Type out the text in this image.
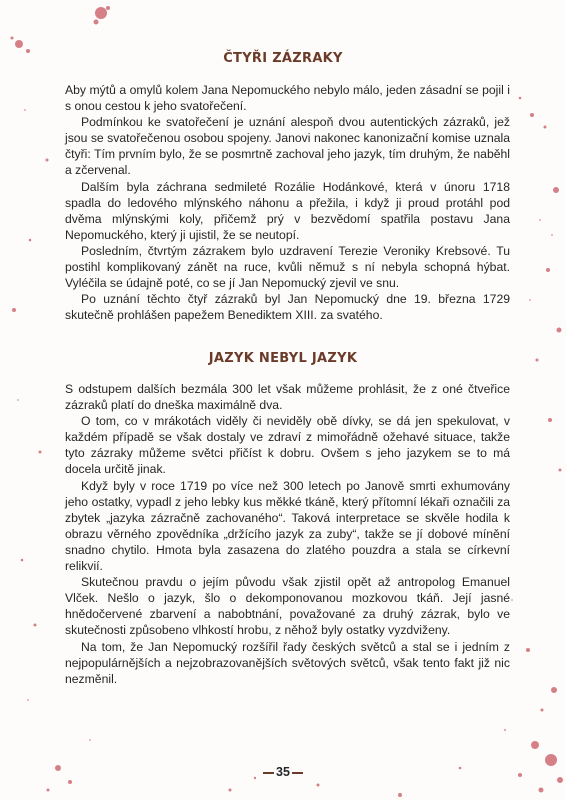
ČTYŘI ZÁZRAKY

Aby mýtů a omylů kolem Jana Nepomuckého nebylo málo, jeden zásadní se pojil i s onou cestou k jeho svatořečení.

Podmínkou ke svatořečení je uznání alespoň dvou autentických zázraků, jež jsou se svatořečenou osobou spojeny. Janovi nakonec kanonizační komise uznala čtyři: Tím prvním bylo, že se posmrtně zachoval jeho jazyk, tím druhým, že naběhl a zčervenal.

Dalším byla záchrana sedmileté Rozálie Hodánkové, která v únoru 1718 spadla do ledového mlýnského náhonu a přežila, i když ji proud protáhl pod dvěma mlýnskými koly, přičemž prý v bezvědomí spatřila postavu Jana Nepomuckého, který ji ujistil, že se neutopí.

Posledním, čtvrtým zázrakem bylo uzdravení Terezie Veroniky Krebsové. Tu postihl komplikovaný zánět na ruce, kvůli němuž s ní nebyla schopná hýbat. Vyléčila se údajně poté, co se jí Jan Nepomucký zjevil ve snu.

Po uznání těchto čtyř zázraků byl Jan Nepomucký dne 19. března 1729 skutečně prohlášen papežem Benediktem XIII. za svatého.

JAZYK NEBYL JAZYK

S odstupem dalších bezmála 300 let však můžeme prohlásit, že z oné čtveřice zázraků platí do dneška maximálně dva.

O tom, co v mrákotách viděly či neviděly obě dívky, se dá jen spekulovat, v každém případě se však dostaly ve zdraví z mimořádně ožehavé situace, takže tyto zázraky můžeme světci přičíst k dobru. Ovšem s jeho jazykem se to má docela určitě jinak.

Když byly v roce 1719 po více než 300 letech po Janově smrti exhumovány jeho ostatky, vypadl z jeho lebky kus měkké tkáně, který přítomní lékaři označili za zbytek „jazyka zázračně zachovaného“. Taková interpretace se skvěle hodila k obrazu věrného zpovědníka „držícího jazyk za zuby“, takže se jí dobové mínění snadno chytilo. Hmota byla zasazena do zlatého pouzdra a stala se církevní relikvií.

Skutečnou pravdu o jejím původu však zjistil opět až antropolog Emanuel Vlček. Nešlo o jazyk, šlo o dekomponovanou mozkovou tkáň. Její jasné hnědočervené zbarvení a nabobtnání, považované za druhý zázrak, bylo ve skutečnosti způsobeno vlhkostí hrobu, z něhož byly ostatky vyzdviženy.

Na tom, že Jan Nepomucký rozšířil řady českých světců a stal se i jedním z nejpopulárnějších a nejzobrazovanějších světových světců, však tento fakt již nic nezměnil.

35
